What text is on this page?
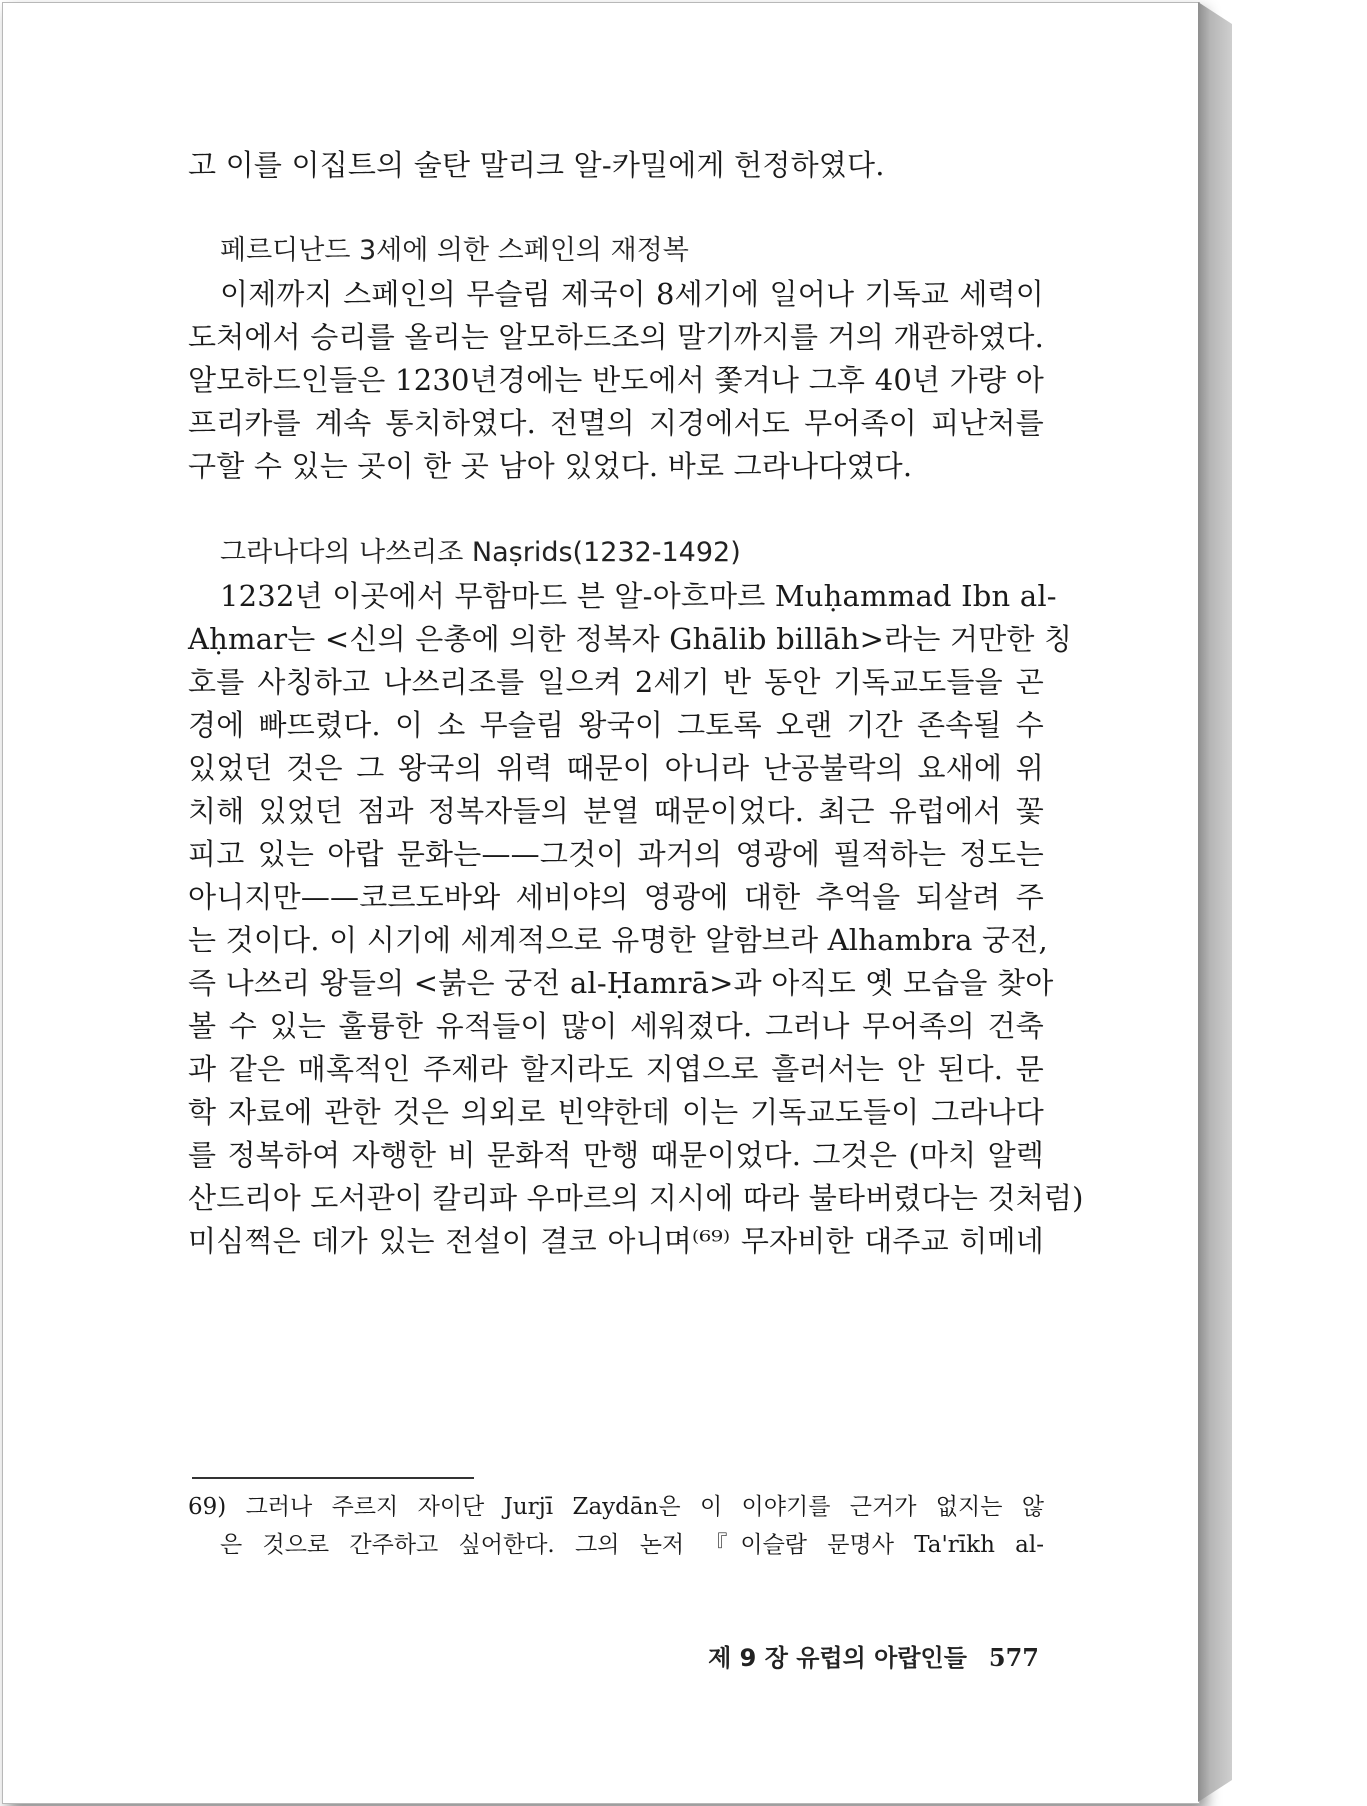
고 이를 이집트의 술탄 말리크 알-카밀에게 헌정하였다.
페르디난드 3세에 의한 스페인의 재정복
이제까지 스페인의 무슬림 제국이 8세기에 일어나 기독교 세력이
도처에서 승리를 올리는 알모하드조의 말기까지를 거의 개관하였다.
알모하드인들은 1230년경에는 반도에서 쫓겨나 그후 40년 가량 아
프리카를 계속 통치하였다. 전멸의 지경에서도 무어족이 피난처를
구할 수 있는 곳이 한 곳 남아 있었다. 바로 그라나다였다.
그라나다의 나쓰리조 Naṣrids(1232-1492)
1232년 이곳에서 무함마드 븐 알-아흐마르 Muḥammad Ibn al-
Aḥmar는 <신의 은총에 의한 정복자 Ghālib billāh>라는 거만한 칭
호를 사칭하고 나쓰리조를 일으켜 2세기 반 동안 기독교도들을 곤
경에 빠뜨렸다. 이 소 무슬림 왕국이 그토록 오랜 기간 존속될 수
있었던 것은 그 왕국의 위력 때문이 아니라 난공불락의 요새에 위
치해 있었던 점과 정복자들의 분열 때문이었다. 최근 유럽에서 꽃
피고 있는 아랍 문화는——그것이 과거의 영광에 필적하는 정도는
아니지만——코르도바와 세비야의 영광에 대한 추억을 되살려 주
는 것이다. 이 시기에 세계적으로 유명한 알함브라 Alhambra 궁전,
즉 나쓰리 왕들의 <붉은 궁전 al-Ḥamrā>과 아직도 옛 모습을 찾아
볼 수 있는 훌륭한 유적들이 많이 세워졌다. 그러나 무어족의 건축
과 같은 매혹적인 주제라 할지라도 지엽으로 흘러서는 안 된다. 문
학 자료에 관한 것은 의외로 빈약한데 이는 기독교도들이 그라나다
를 정복하여 자행한 비 문화적 만행 때문이었다. 그것은 (마치 알렉
산드리아 도서관이 칼리파 우마르의 지시에 따라 불타버렸다는 것처럼)
미심쩍은 데가 있는 전설이 결코 아니며⁽⁶⁹⁾ 무자비한 대주교 히메네
69) 그러나 주르지 자이단 Jurjī Zaydān은 이 이야기를 근거가 없지는 않
은 것으로 간주하고 싶어한다. 그의 논저 『이슬람 문명사 Ta'rīkh al-
제 9 장 유럽의 아랍인들 577
